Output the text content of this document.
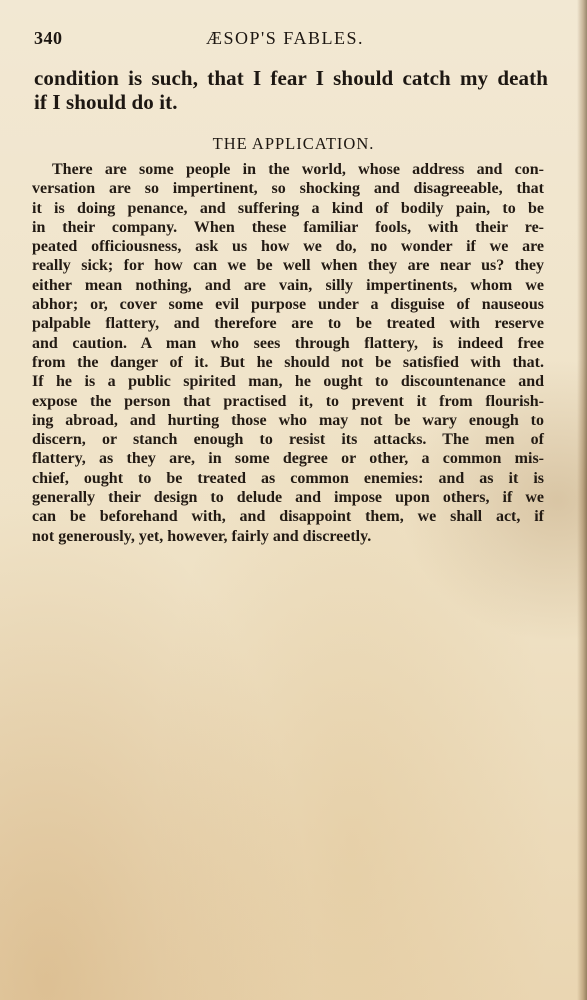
340	ÆSOP'S FABLES.
condition is such, that I fear I should catch my death
if I should do it.
THE APPLICATION.

There are some people in the world, whose address and con-
versation are so impertinent, so shocking and disagreeable, that
it is doing penance, and suffering a kind of bodily pain, to be
in their company. When these familiar fools, with their re-
peated officiousness, ask us how we do, no wonder if we are
really sick; for how can we be well when they are near us? they
either mean nothing, and are vain, silly impertinents, whom we
abhor; or, cover some evil purpose under a disguise of nauseous
palpable flattery, and therefore are to be treated with reserve
and caution. A man who sees through flattery, is indeed free
from the danger of it. But he should not be satisfied with that.
If he is a public spirited man, he ought to discountenance and
expose the person that practised it, to prevent it from flourish-
ing abroad, and hurting those who may not be wary enough to
discern, or stanch enough to resist its attacks. The men of
flattery, as they are, in some degree or other, a common mis-
chief, ought to be treated as common enemies: and as it is
generally their design to delude and impose upon others, if we
can be beforehand with, and disappoint them, we shall act, if
not generously, yet, however, fairly and discreetly.
